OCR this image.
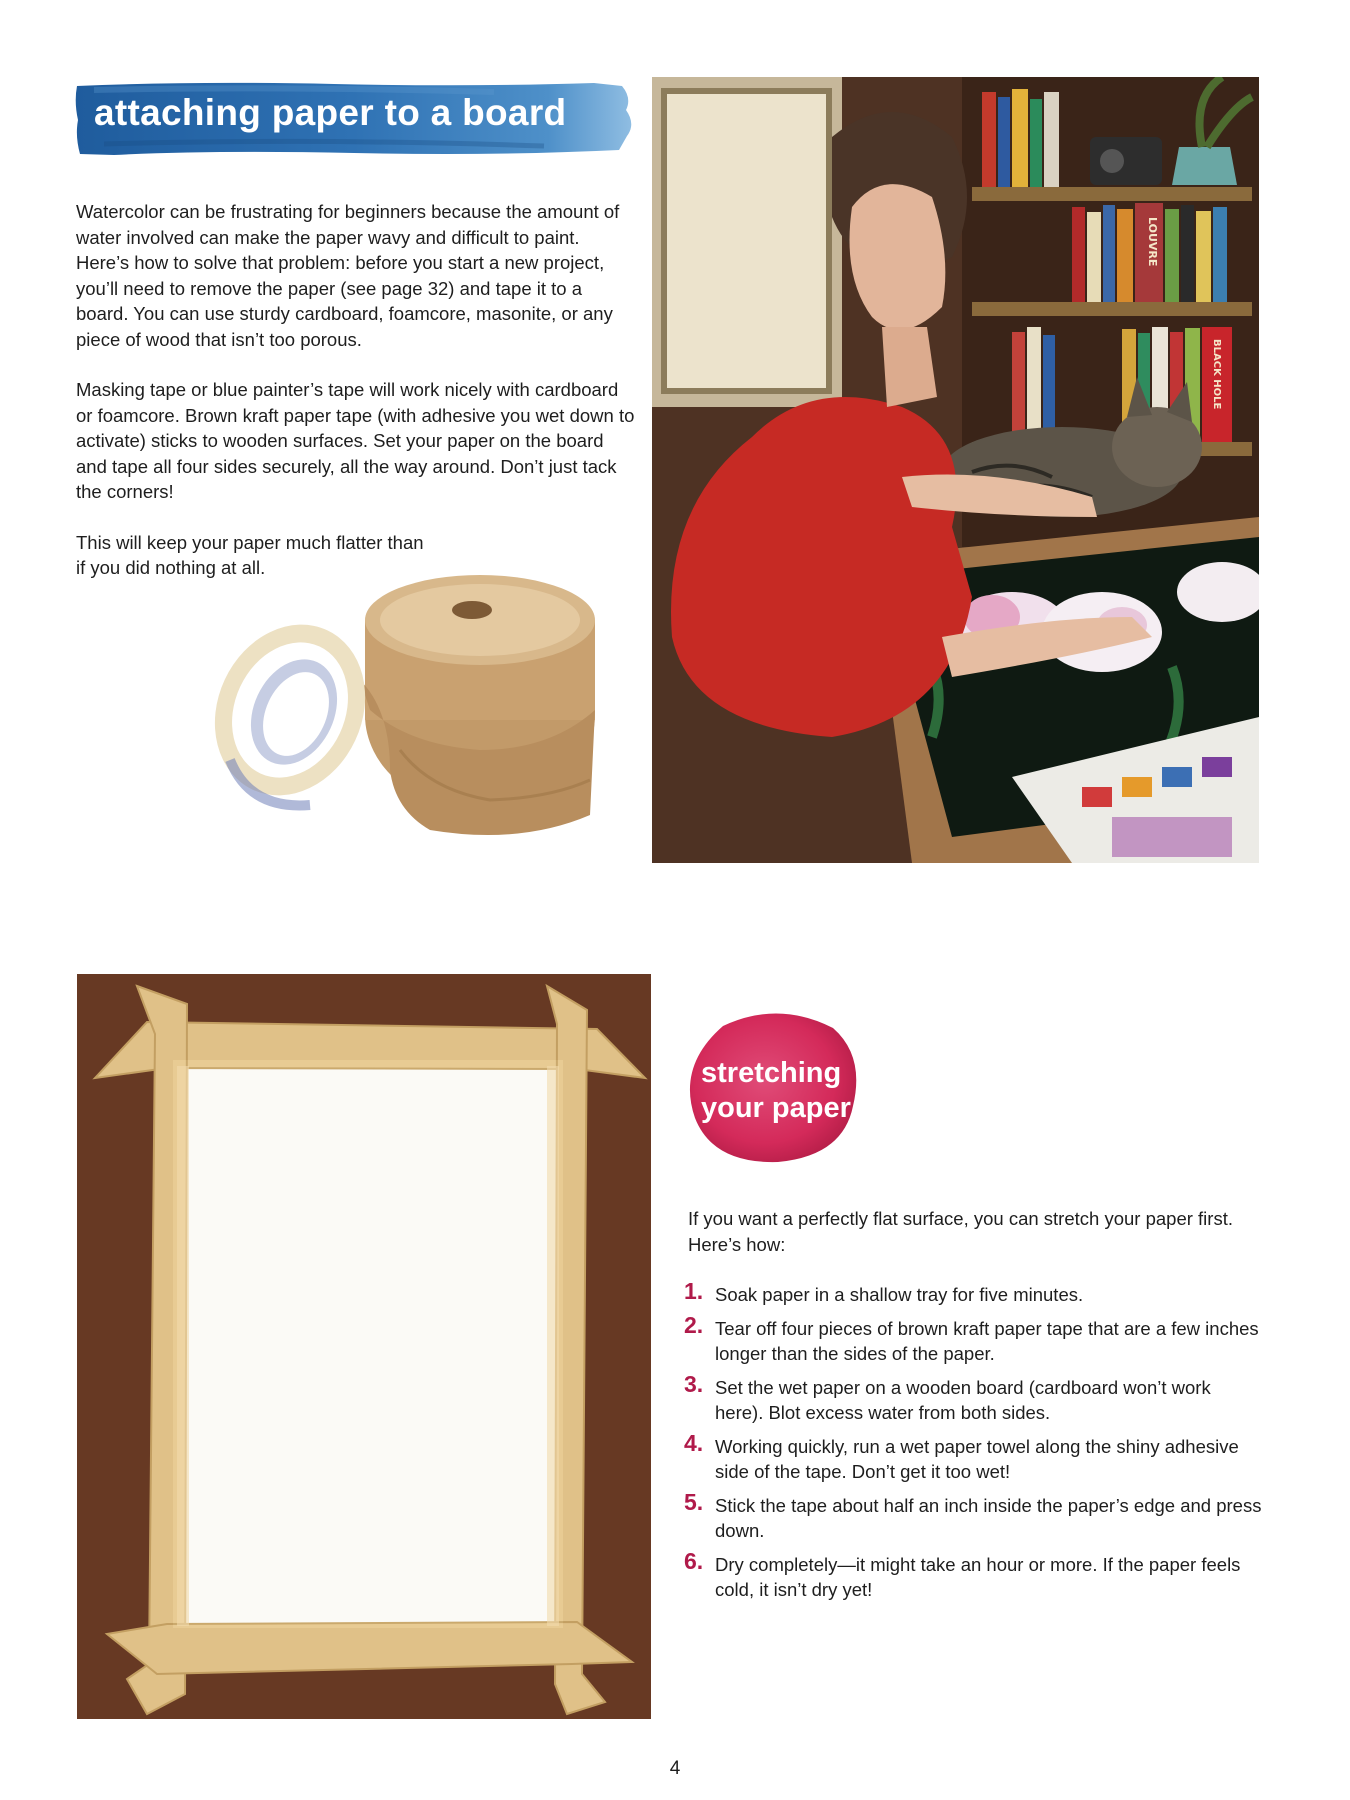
attaching paper to a board

Watercolor can be frustrating for beginners because the amount of water involved can make the paper wavy and difficult to paint. Here’s how to solve that problem: before you start a new project, you’ll need to remove the paper (see page 32) and tape it to a board. You can use sturdy cardboard, foamcore, masonite, or any piece of wood that isn’t too porous.

Masking tape or blue painter’s tape will work nicely with cardboard or foamcore. Brown kraft paper tape (with adhesive you wet down to activate) sticks to wooden surfaces. Set your paper on the board and tape all four sides securely, all the way around. Don’t just tack the corners!

This will keep your paper much flatter than if you did nothing at all.

LOUVRE
BLACK HOLE
stretching
your paper

If you want a perfectly flat surface, you can stretch your paper first. Here’s how:

1. Soak paper in a shallow tray for five minutes.
2. Tear off four pieces of brown kraft paper tape that are a few inches longer than the sides of the paper.
3. Set the wet paper on a wooden board (cardboard won’t work here). Blot excess water from both sides.
4. Working quickly, run a wet paper towel along the shiny adhesive side of the tape. Don’t get it too wet!
5. Stick the tape about half an inch inside the paper’s edge and press down.
6. Dry completely—it might take an hour or more. If the paper feels cold, it isn’t dry yet!
4
